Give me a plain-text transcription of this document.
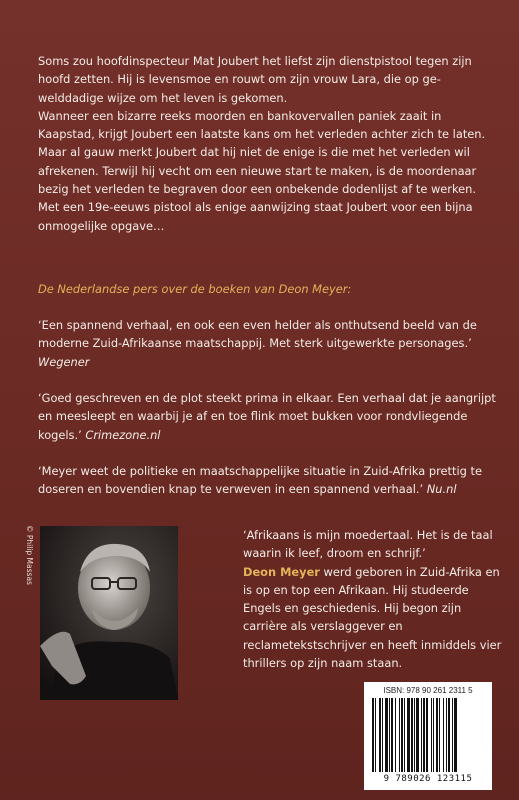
Soms zou hoofdinspecteur Mat Joubert het liefst zijn dienstpistool tegen zijn hoofd zetten. Hij is levensmoe en rouwt om zijn vrouw Lara, die op gewelddadige wijze om het leven is gekomen.

Wanneer een bizarre reeks moorden en bankovervallen paniek zaait in Kaapstad, krijgt Joubert een laatste kans om het verleden achter zich te laten. Maar al gauw merkt Joubert dat hij niet de enige is die met het verleden wil afrekenen. Terwijl hij vecht om een nieuwe start te maken, is de moordenaar bezig het verleden te begraven door een onbekende dodenlijst af te werken. Met een 19e-eeuws pistool als enige aanwijzing staat Joubert voor een bijna onmogelijke opgave…

De Nederlandse pers over de boeken van Deon Meyer:
‘Een spannend verhaal, en ook een even helder als onthutsend beeld van de moderne Zuid-Afrikaanse maatschappij. Met sterk uitgewerkte personages.’ Wegener
‘Goed geschreven en de plot steekt prima in elkaar. Een verhaal dat je aangrijpt en meesleept en waarbij je af en toe flink moet bukken voor rondvliegende kogels.’ Crimezone.nl
‘Meyer weet de politieke en maatschappelijke situatie in Zuid-Afrika prettig te doseren en bovendien knap te verweven in een spannend verhaal.’ Nu.nl
© Philip Massas	‘Afrikaans is mijn moedertaal. Het is de taal waarin ik leef, droom en schrijf.’

Deon Meyer werd geboren in Zuid-Afrika en is op en top een Afrikaan. Hij studeerde Engels en geschiedenis. Hij begon zijn carrière als verslaggever en reclametekstschrijver en heeft inmiddels vier thrillers op zijn naam staan.

ISBN: 978 90 261 2311 5
9 789026 123115
